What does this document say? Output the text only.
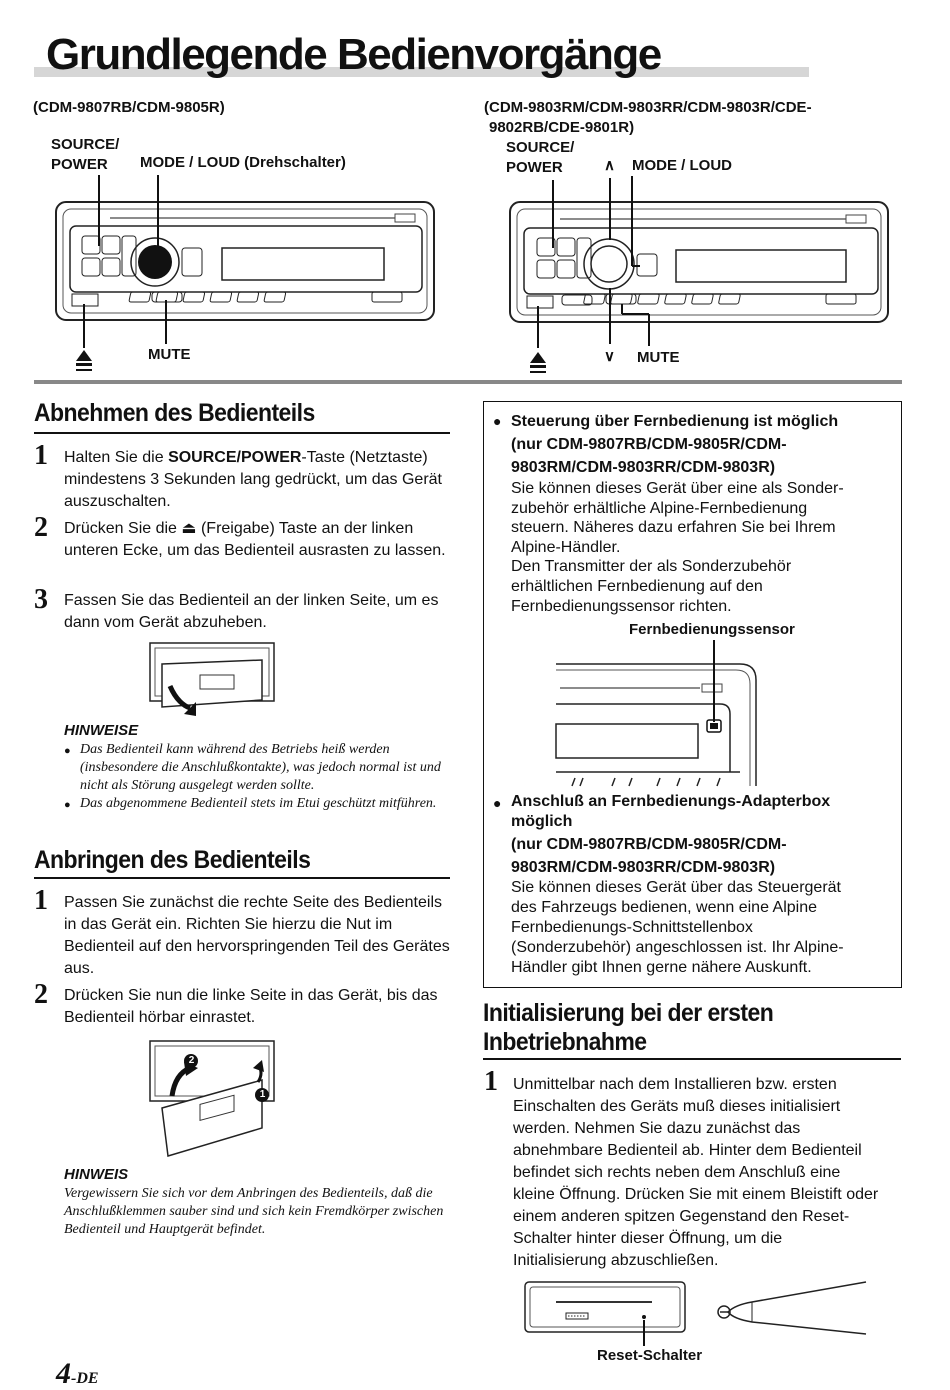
Grundlegende Bedienvorgänge
(CDM-9807RB/CDM-9805R)
SOURCE/
POWER MODE / LOUD (Drehschalter)
MUTE
(CDM-9803RM/CDM-9803RR/CDM-9803R/CDE-
9802RB/CDE-9801R)
SOURCE/
POWER	∧ MODE / LOUD
∨ MUTE
Abnehmen des Bedienteils
1 Halten Sie die SOURCE/POWER-Taste (Netztaste) mindestens 3 Sekunden lang gedrückt, um das Gerät auszuschalten.
2 Drücken Sie die ⏏ (Freigabe) Taste an der linken unteren Ecke, um das Bedienteil ausrasten zu lassen.
3 Fassen Sie das Bedienteil an der linken Seite, um es dann vom Gerät abzuheben.
HINWEISE
● Das Bedienteil kann während des Betriebs heiß werden (insbesondere die Anschlußkontakte), was jedoch normal ist und nicht als Störung ausgelegt werden sollte.
● Das abgenommene Bedienteil stets im Etui geschützt mitführen.
Anbringen des Bedienteils
1 Passen Sie zunächst die rechte Seite des Bedienteils in das Gerät ein. Richten Sie hierzu die Nut im Bedienteil auf den hervorspringenden Teil des Gerätes aus.
2 Drücken Sie nun die linke Seite in das Gerät, bis das Bedienteil hörbar einrastet.
2
1
HINWEIS
Vergewissern Sie sich vor dem Anbringen des Bedienteils, daß die Anschlußklemmen sauber sind und sich kein Fremdkörper zwischen Bedienteil und Hauptgerät befindet.
● Steuerung über Fernbedienung ist möglich
(nur CDM-9807RB/CDM-9805R/CDM-
9803RM/CDM-9803RR/CDM-9803R)
Sie können dieses Gerät über eine als Sonder-
zubehör erhältliche Alpine-Fernbedienung
steuern. Näheres dazu erfahren Sie bei Ihrem
Alpine-Händler.
Den Transmitter der als Sonderzubehör
erhältlichen Fernbedienung auf den
Fernbedienungssensor richten.
Fernbedienungssensor
● Anschluß an Fernbedienungs-Adapterbox
möglich
(nur CDM-9807RB/CDM-9805R/CDM-
9803RM/CDM-9803RR/CDM-9803R)
Sie können dieses Gerät über das Steuergerät
des Fahrzeugs bedienen, wenn eine Alpine
Fernbedienungs-Schnittstellenbox
(Sonderzubehör) angeschlossen ist. Ihr Alpine-
Händler gibt Ihnen gerne nähere Auskunft.
Initialisierung bei der ersten
Inbetriebnahme
1 Unmittelbar nach dem Installieren bzw. ersten
Einschalten des Geräts muß dieses initialisiert
werden. Nehmen Sie dazu zunächst das
abnehmbare Bedienteil ab. Hinter dem Bedienteil
befindet sich rechts neben dem Anschluß eine
kleine Öffnung. Drücken Sie mit einem Bleistift oder
einem anderen spitzen Gegenstand den Reset-
Schalter hinter dieser Öffnung, um die
Initialisierung abzuschließen.
Reset-Schalter
4-DE
